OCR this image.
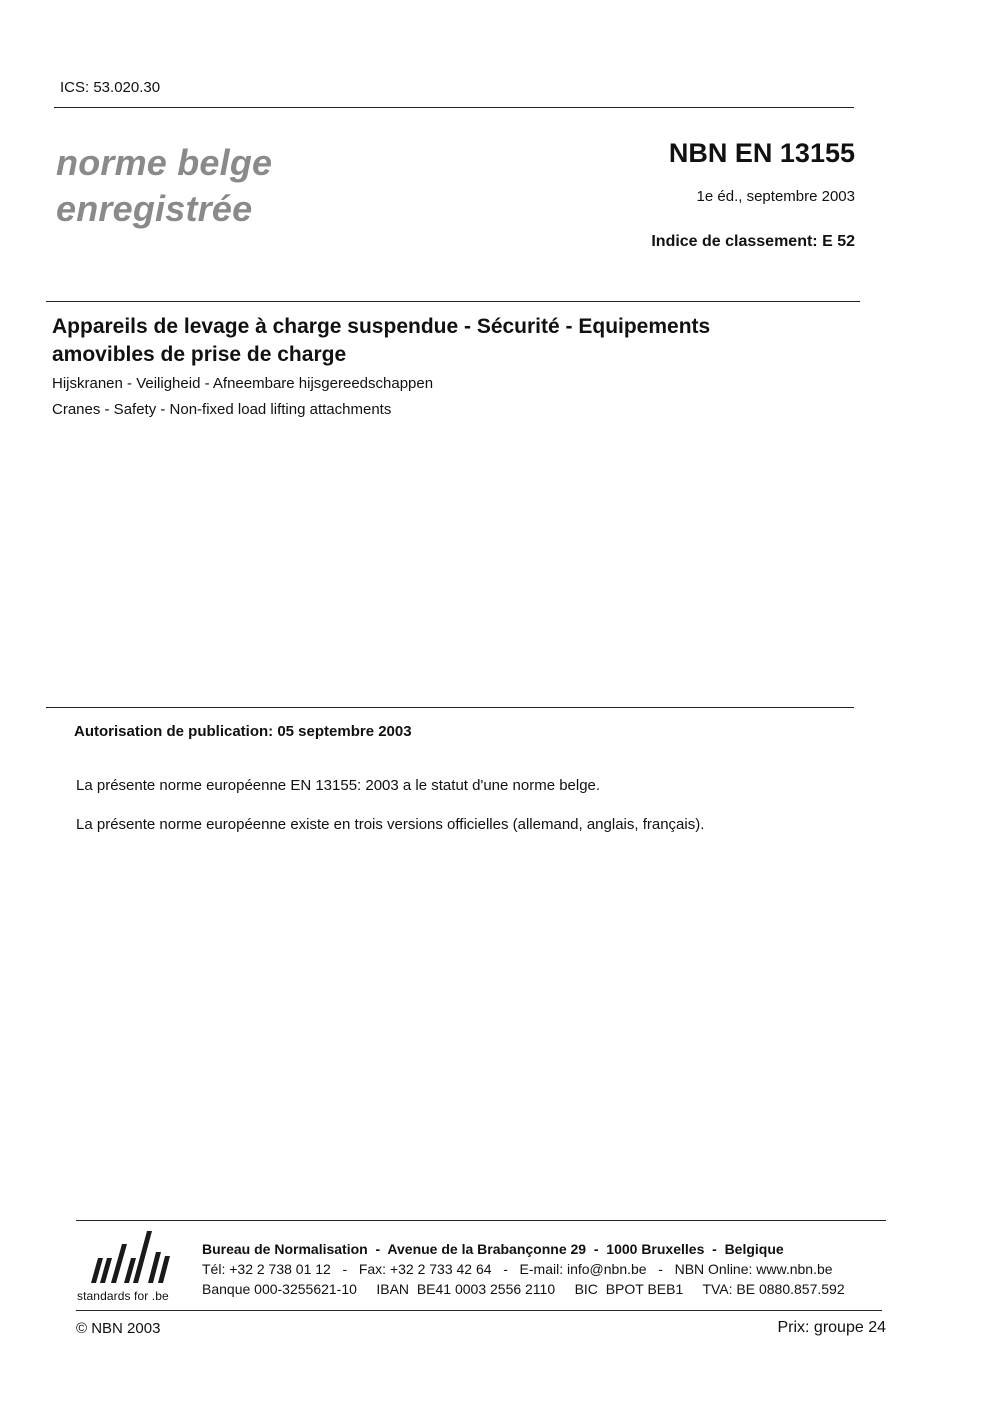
ICS: 53.020.30
norme belge
enregistrée
NBN EN 13155
1e éd., septembre 2003
Indice de classement: E 52
Appareils de levage à charge suspendue - Sécurité - Equipements
amovibles de prise de charge
Hijskranen - Veiligheid - Afneembare hijsgereedschappen
Cranes - Safety - Non-fixed load lifting attachments
Autorisation de publication: 05 septembre 2003
La présente norme européenne EN 13155: 2003 a le statut d'une norme belge.
La présente norme européenne existe en trois versions officielles (allemand, anglais, français).
standards for .be
Bureau de Normalisation  -  Avenue de la Brabançonne 29  -  1000 Bruxelles  -  Belgique
Tél: +32 2 738 01 12   -   Fax: +32 2 733 42 64   -   E-mail: info@nbn.be   -   NBN Online: www.nbn.be
Banque 000-3255621-10     IBAN  BE41 0003 2556 2110     BIC  BPOT BEB1     TVA: BE 0880.857.592
© NBN 2003	Prix: groupe 24
